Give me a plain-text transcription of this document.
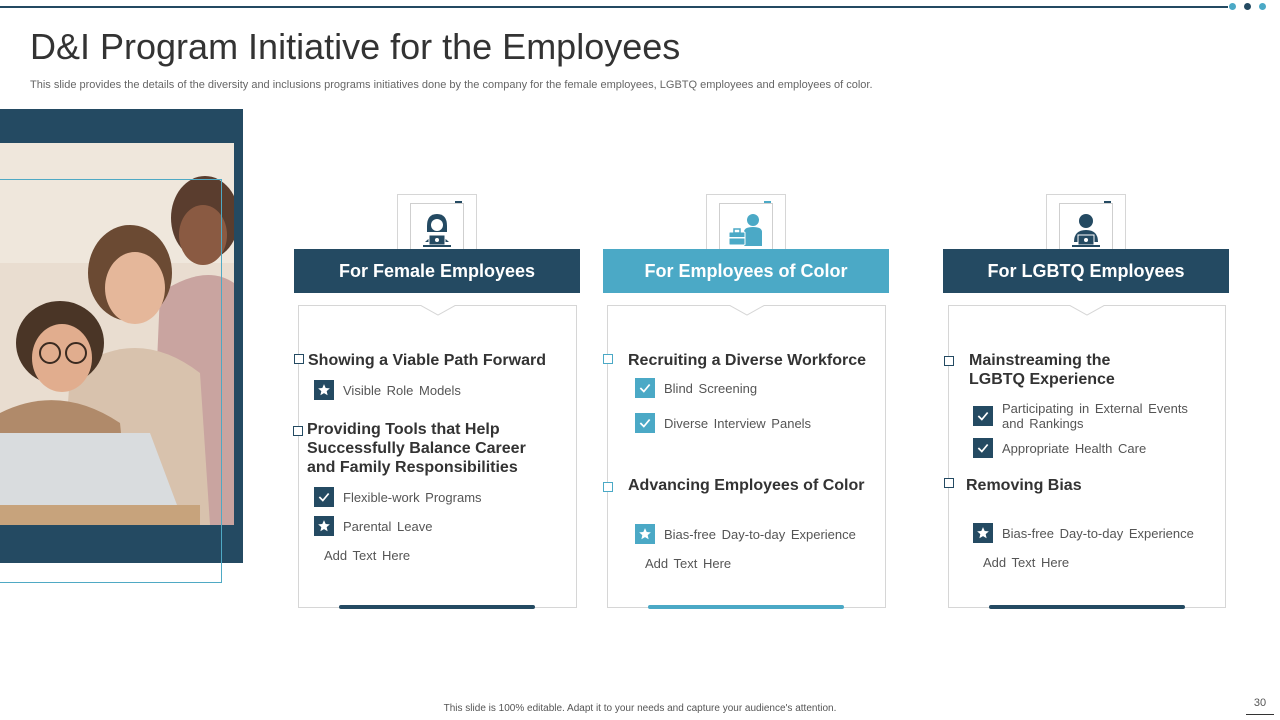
D&I Program Initiative for the Employees
This slide provides the details of the diversity and inclusions programs initiatives done by the company for the female employees, LGBTQ employees and employees of color.
For Female Employees
Showing a Viable Path Forward
Visible Role Models
Providing Tools that Help Successfully Balance Career and Family Responsibilities
Flexible-work Programs
Parental Leave
Add Text Here
For Employees of Color
Recruiting a Diverse Workforce
Blind Screening
Diverse Interview Panels
Advancing Employees of Color
Bias-free Day-to-day Experience
Add Text Here
For LGBTQ Employees
Mainstreaming the LGBTQ Experience
Participating in External Events and Rankings
Appropriate Health Care
Removing Bias
Bias-free Day-to-day Experience
Add Text Here
This slide is 100% editable. Adapt it to your needs and capture your audience's attention.	30
